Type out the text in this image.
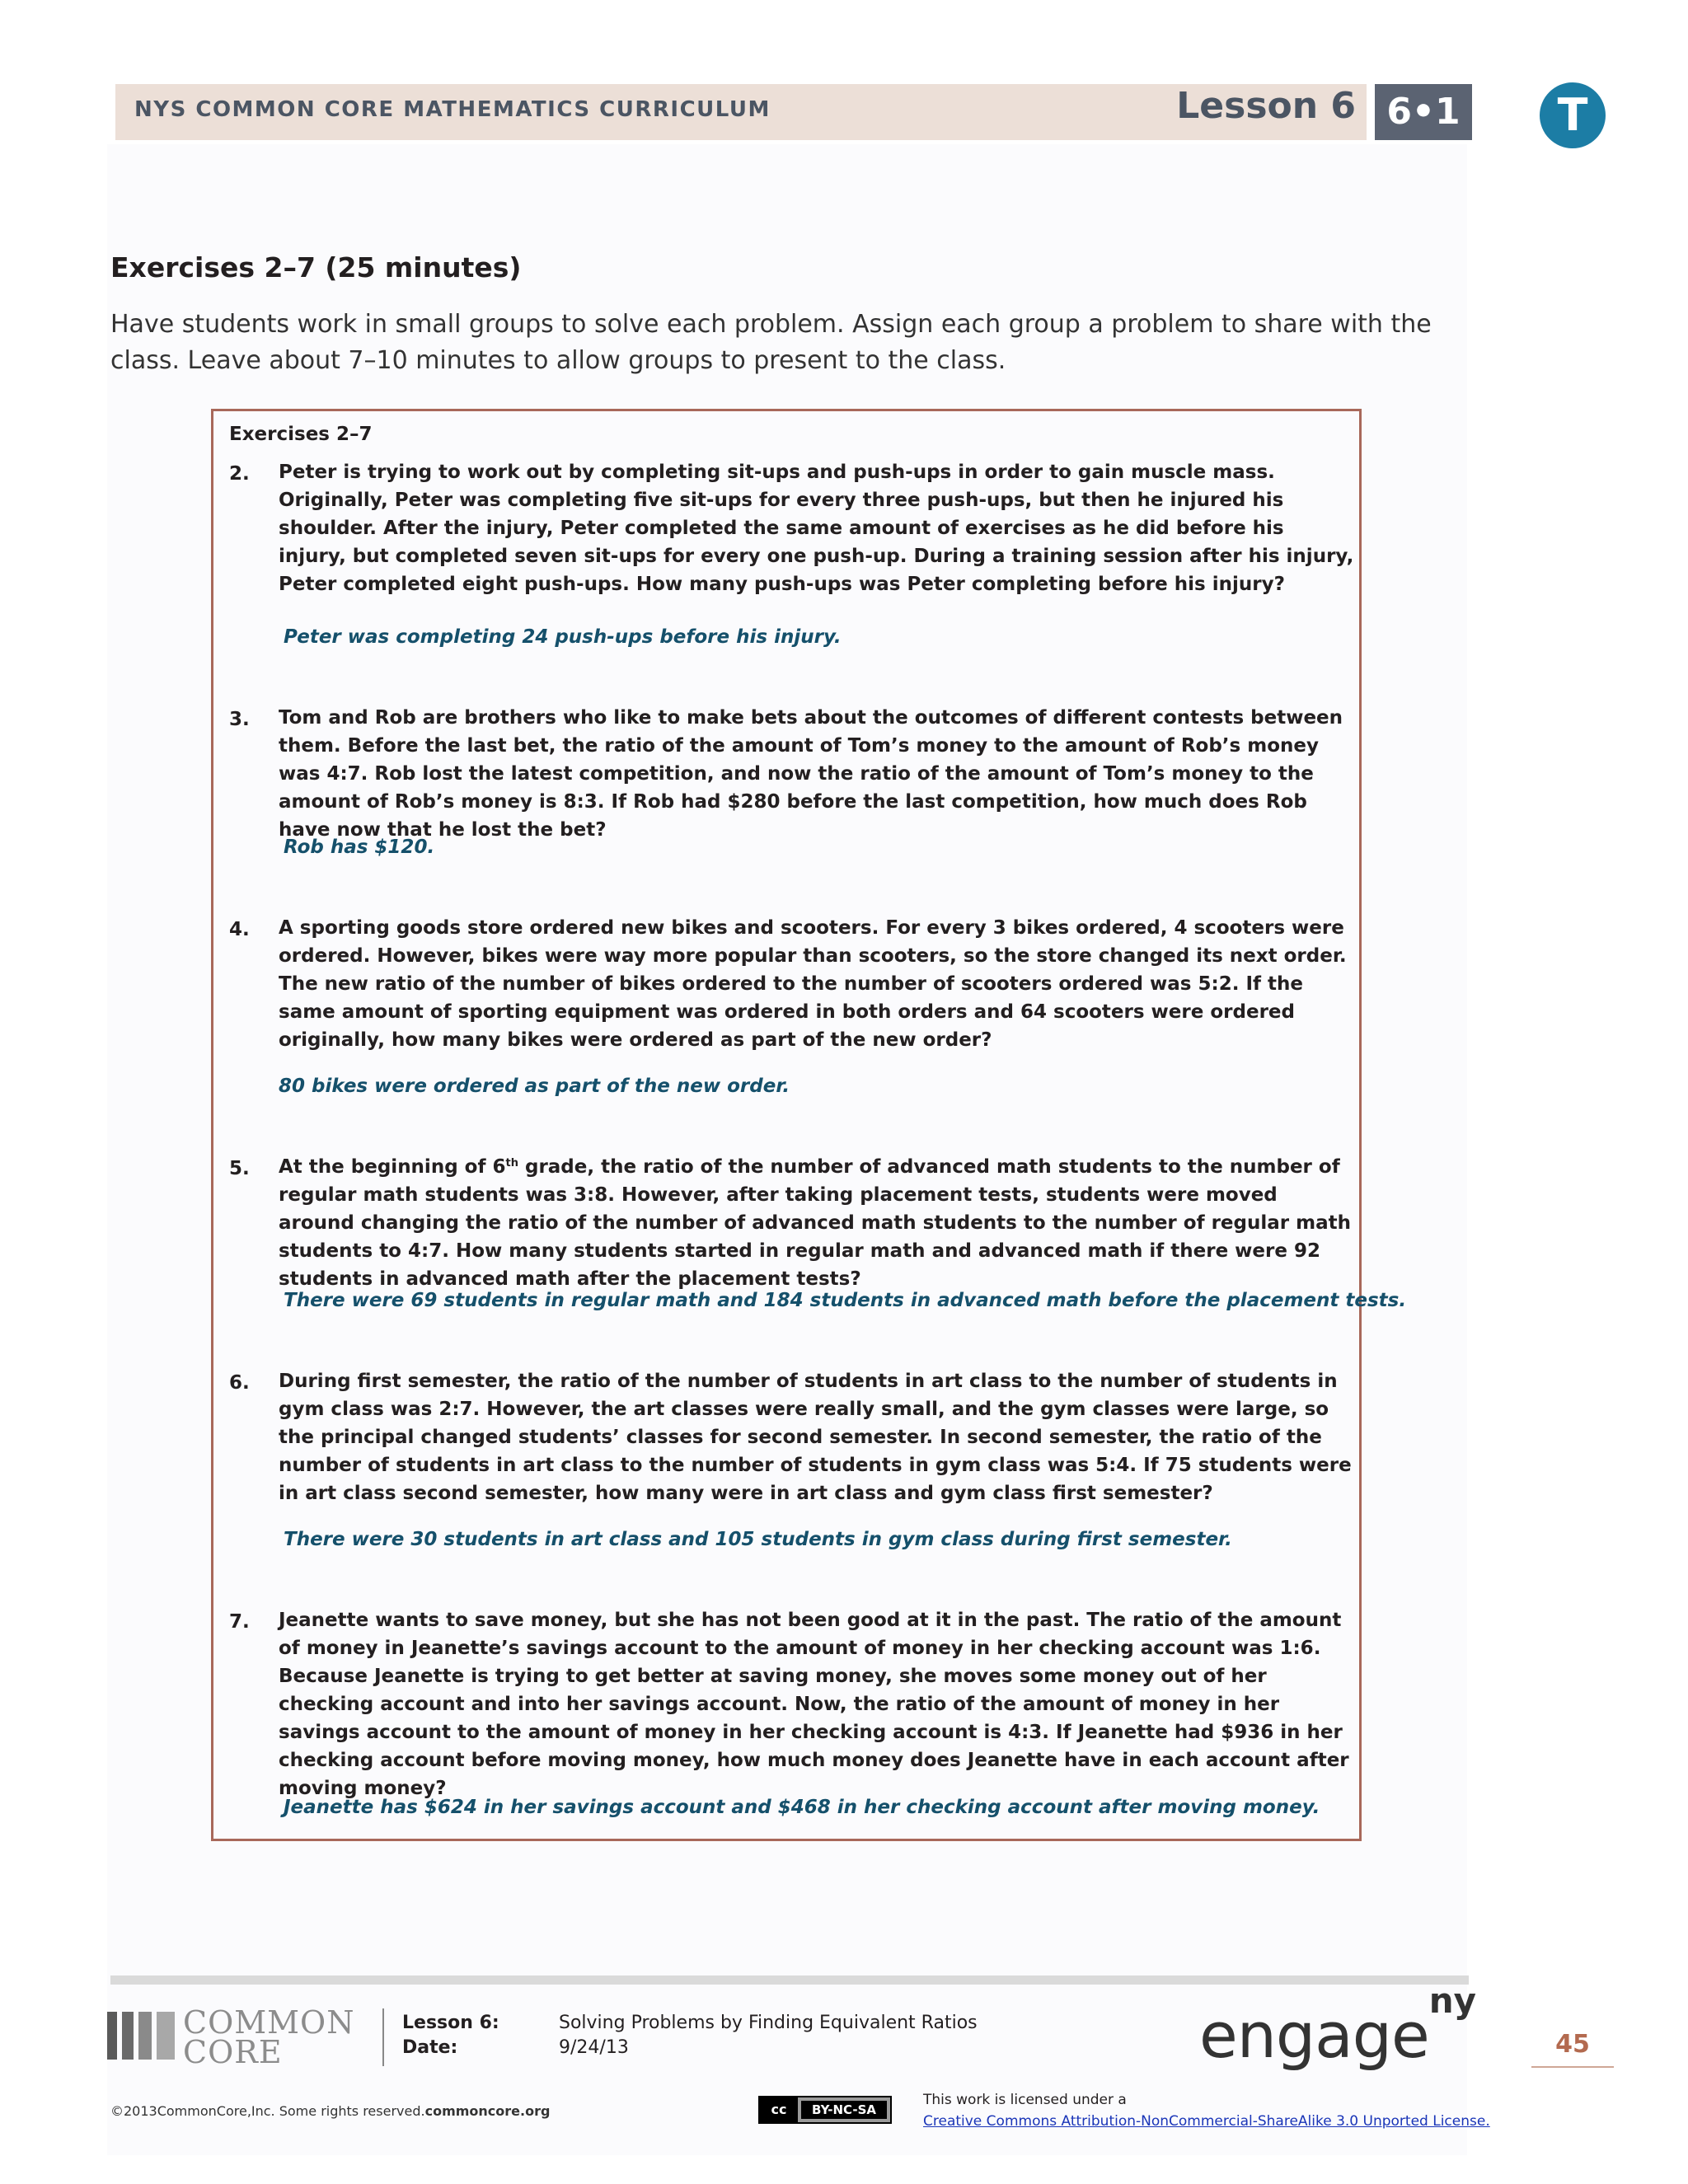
NYS COMMON CORE MATHEMATICS CURRICULUM	Lesson 6 6•1	T
Exercises 2–7 (25 minutes)
Have students work in small groups to solve each problem. Assign each group a problem to share with the class. Leave about 7–10 minutes to allow groups to present to the class.
Exercises 2–7
2. Peter is trying to work out by completing sit-ups and push-ups in order to gain muscle mass. Originally, Peter was completing five sit-ups for every three push-ups, but then he injured his shoulder. After the injury, Peter completed the same amount of exercises as he did before his injury, but completed seven sit-ups for every one push-up. During a training session after his injury, Peter completed eight push-ups. How many push-ups was Peter completing before his injury?
Peter was completing 24 push-ups before his injury.
3. Tom and Rob are brothers who like to make bets about the outcomes of different contests between them. Before the last bet, the ratio of the amount of Tom’s money to the amount of Rob’s money was 4:7. Rob lost the latest competition, and now the ratio of the amount of Tom’s money to the amount of Rob’s money is 8:3. If Rob had $280 before the last competition, how much does Rob have now that he lost the bet?
Rob has $120.
4. A sporting goods store ordered new bikes and scooters. For every 3 bikes ordered, 4 scooters were ordered. However, bikes were way more popular than scooters, so the store changed its next order. The new ratio of the number of bikes ordered to the number of scooters ordered was 5:2. If the same amount of sporting equipment was ordered in both orders and 64 scooters were ordered originally, how many bikes were ordered as part of the new order?
80 bikes were ordered as part of the new order.
5. At the beginning of 6th grade, the ratio of the number of advanced math students to the number of regular math students was 3:8. However, after taking placement tests, students were moved around changing the ratio of the number of advanced math students to the number of regular math students to 4:7. How many students started in regular math and advanced math if there were 92 students in advanced math after the placement tests?
There were 69 students in regular math and 184 students in advanced math before the placement tests.
6. During first semester, the ratio of the number of students in art class to the number of students in gym class was 2:7. However, the art classes were really small, and the gym classes were large, so the principal changed students’ classes for second semester. In second semester, the ratio of the number of students in art class to the number of students in gym class was 5:4. If 75 students were in art class second semester, how many were in art class and gym class first semester?
There were 30 students in art class and 105 students in gym class during first semester.
7. Jeanette wants to save money, but she has not been good at it in the past. The ratio of the amount of money in Jeanette’s savings account to the amount of money in her checking account was 1:6. Because Jeanette is trying to get better at saving money, she moves some money out of her checking account and into her savings account. Now, the ratio of the amount of money in her savings account to the amount of money in her checking account is 4:3. If Jeanette had $936 in her checking account before moving money, how much money does Jeanette have in each account after moving money?
Jeanette has $624 in her savings account and $468 in her checking account after moving money.
COMMON
CORE
Lesson 6:	Solving Problems by Finding Equivalent Ratios
Date:	9/24/13	engage$^{ny}$
45
©2013CommonCore,Inc. Some rights reserved.commoncore.org	cc	BY-NC-SA
This work is licensed under a
Creative Commons Attribution-NonCommercial-ShareAlike 3.0 Unported License.
